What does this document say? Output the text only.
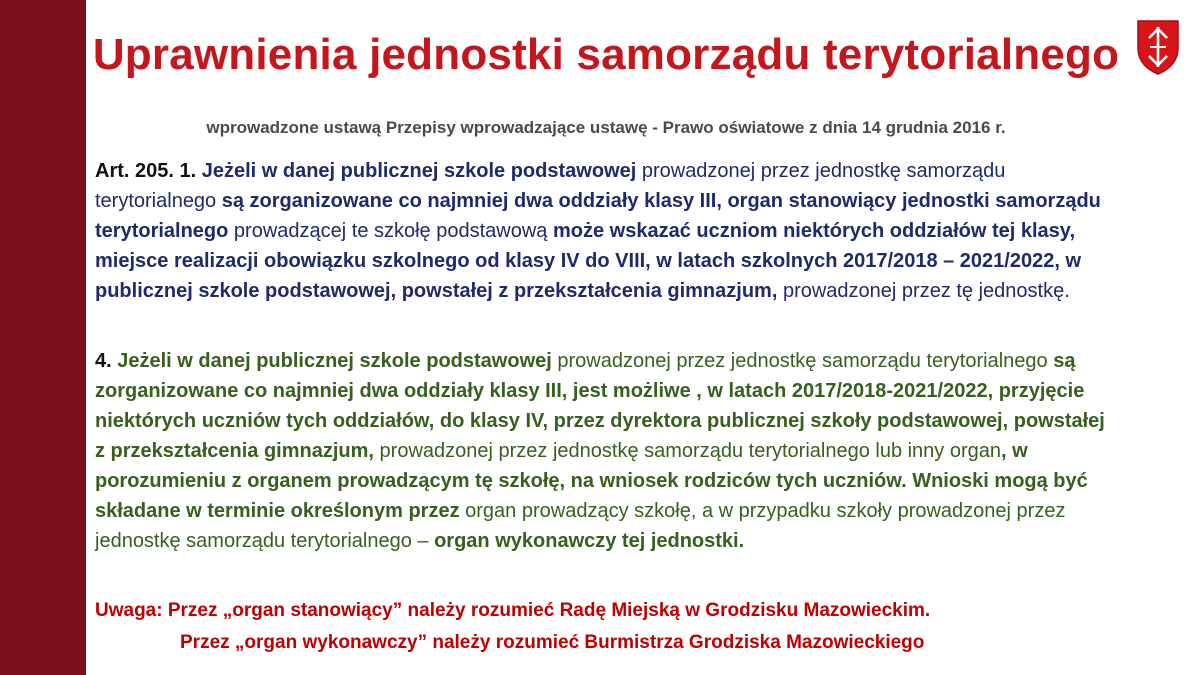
Uprawnienia jednostki samorządu terytorialnego

wprowadzone ustawą Przepisy wprowadzające ustawę - Prawo oświatowe z dnia 14 grudnia 2016 r.

Art. 205. 1. Jeżeli w danej publicznej szkole podstawowej prowadzonej przez jednostkę samorządu terytorialnego są zorganizowane co najmniej dwa oddziały klasy III, organ stanowiący jednostki samorządu terytorialnego prowadzącej te szkołę podstawową może wskazać uczniom niektórych oddziałów tej klasy, miejsce realizacji obowiązku szkolnego od klasy IV do VIII, w latach szkolnych 2017/2018 – 2021/2022, w publicznej szkole podstawowej, powstałej z przekształcenia gimnazjum, prowadzonej przez tę jednostkę.

4. Jeżeli w danej publicznej szkole podstawowej prowadzonej przez jednostkę samorządu terytorialnego są zorganizowane co najmniej dwa oddziały klasy III, jest możliwe , w latach 2017/2018-2021/2022, przyjęcie niektórych uczniów tych oddziałów, do klasy IV, przez dyrektora publicznej szkoły podstawowej, powstałej z przekształcenia gimnazjum, prowadzonej przez jednostkę samorządu terytorialnego lub inny organ, w porozumieniu z organem prowadzącym tę szkołę, na wniosek rodziców tych uczniów. Wnioski mogą być składane w terminie określonym przez organ prowadzący szkołę, a w przypadku szkoły prowadzonej przez jednostkę samorządu terytorialnego – organ wykonawczy tej jednostki.

Uwaga: Przez „organ stanowiący” należy rozumieć Radę Miejską w Grodzisku Mazowieckim.

Przez „organ wykonawczy” należy rozumieć Burmistrza Grodziska Mazowieckiego
